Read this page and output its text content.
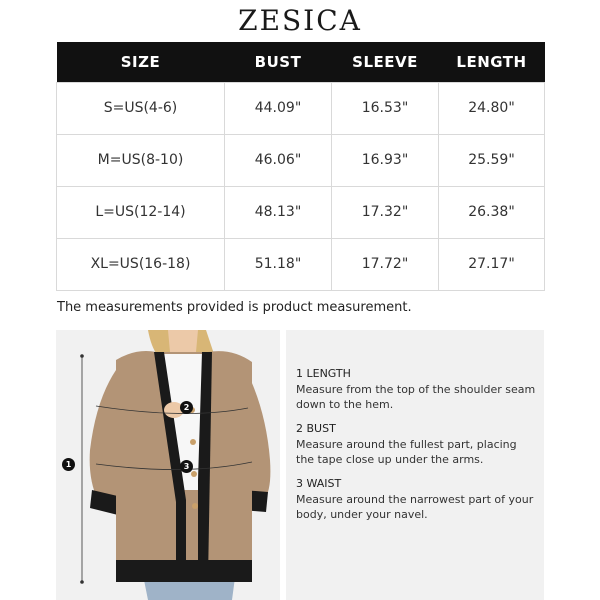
ZESICA
SIZE	BUST	SLEEVE	LENGTH
S=US(4-6)	44.09"	16.53"	24.80"
M=US(8-10)	46.06"	16.93"	25.59"
L=US(12-14)	48.13"	17.32"	26.38"
XL=US(16-18)	51.18"	17.72"	27.17"
The measurements provided is product measurement.
1
2
3
1 LENGTH
Measure from the top of the shoulder seam down to the hem.
2 BUST
Measure around the fullest part, placing the tape close up under the arms.
3 WAIST
Measure around the narrowest part of your body, under your navel.
